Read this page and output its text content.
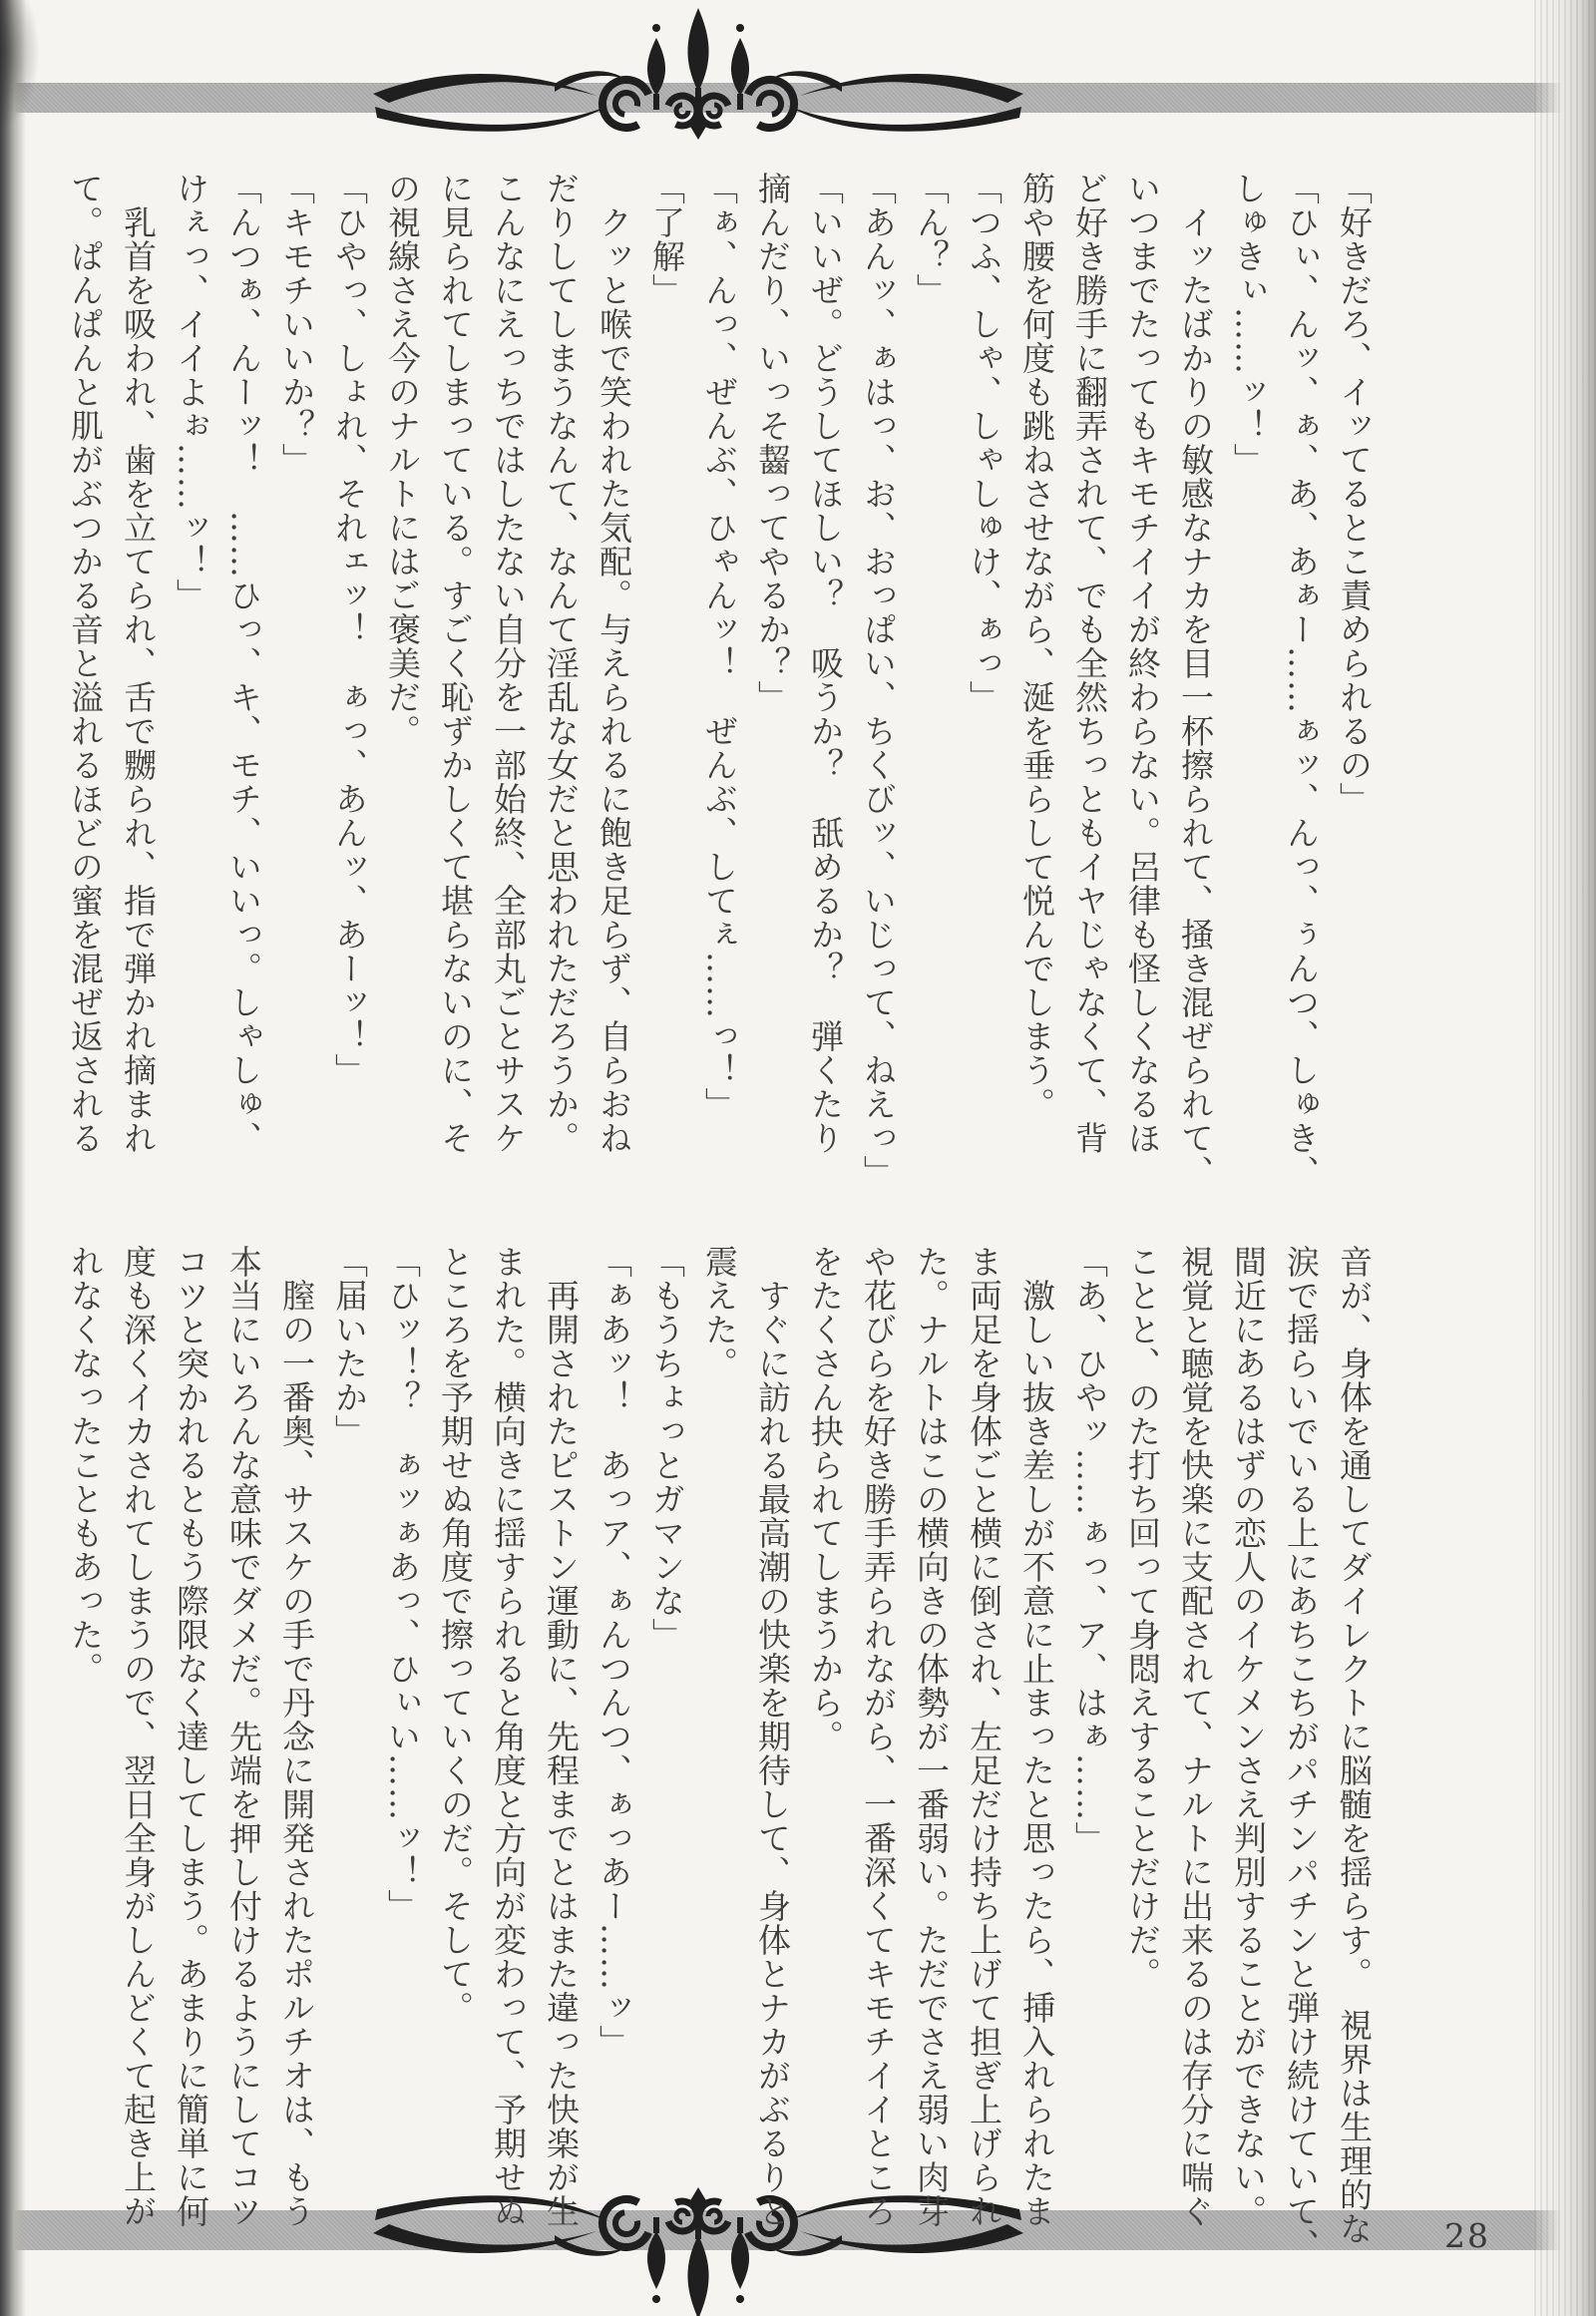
「好きだろ、イッてるとこ責められるの」
「ひぃ、んッ、ぁ、あ、あぁー……ぁッ、んっ、ぅんつ、しゅき、
しゅきぃ……ッ！」
　イッたばかりの敏感なナカを目一杯擦られて、掻き混ぜられて、
いつまでたってもキモチイイが終わらない。呂律も怪しくなるほ
ど好き勝手に翻弄されて、でも全然ちっともイヤじゃなくて、背
筋や腰を何度も跳ねさせながら、涎を垂らして悦んでしまう。
「つふ、しゃ、しゃしゅけ、ぁっ」
「ん？」
「あんッ、ぁはっ、お、おっぱい、ちくびッ、いじって、ねえっ」
「いいぜ。どうしてほしい？　吸うか？　舐めるか？　弾くたり
摘んだり、いっそ齧ってやるか？」
「ぁ、んっ、ぜんぶ、ひゃんッ！　ぜんぶ、してぇ……っ！」
「了解」
　クッと喉で笑われた気配。与えられるに飽き足らず、自らおね
だりしてしまうなんて、なんて淫乱な女だと思われただろうか。
こんなにえっちではしたない自分を一部始終、全部丸ごとサスケ
に見られてしまっている。すごく恥ずかしくて堪らないのに、そ
の視線さえ今のナルトにはご褒美だ。
「ひやっ、しょれ、それェッ！　ぁっ、あんッ、あーッ！」
「キモチいいか？」
「んつぁ、んーッ！　……ひっ、キ、モチ、いいっ。しゃしゅ、
けぇっ、イイよぉ……ッ！」
　乳首を吸われ、歯を立てられ、舌で嬲られ、指で弾かれ摘まれ
て。ぱんぱんと肌がぶつかる音と溢れるほどの蜜を混ぜ返される
音が、身体を通してダイレクトに脳髄を揺らす。　視界は生理的な
涙で揺らいでいる上にあちこちがパチンパチンと弾け続けていて、
間近にあるはずの恋人のイケメンさえ判別することができない。
視覚と聴覚を快楽に支配されて、ナルトに出来るのは存分に喘ぐ
ことと、のた打ち回って身悶えすることだけだ。
「あ、ひやッ……ぁっ、ア、はぁ……」
　激しい抜き差しが不意に止まったと思ったら、挿入れられたま
ま両足を身体ごと横に倒され、左足だけ持ち上げて担ぎ上げられ
た。ナルトはこの横向きの体勢が一番弱い。ただでさえ弱い肉芽
や花びらを好き勝手弄られながら、一番深くてキモチイイところ
をたくさん抉られてしまうから。
　すぐに訪れる最高潮の快楽を期待して、身体とナカがぶるりと
震えた。
「もうちょっとガマンな」
「ぁあッ！　あっア、ぁんつんつ、ぁっあー……ッ」
　再開されたピストン運動に、先程までとはまた違った快楽が生
まれた。横向きに揺すられると角度と方向が変わって、予期せぬ
ところを予期せぬ角度で擦っていくのだ。そして。
「ひッ！？　ぁッぁあっ、ひぃい……ッ！」
「届いたか」
　膣の一番奥、サスケの手で丹念に開発されたポルチオは、もう
本当にいろんな意味でダメだ。先端を押し付けるようにしてコツ
コツと突かれるともう際限なく達してしまう。あまりに簡単に何
度も深くイカされてしまうので、翌日全身がしんどくて起き上が
れなくなったこともあった。
28
